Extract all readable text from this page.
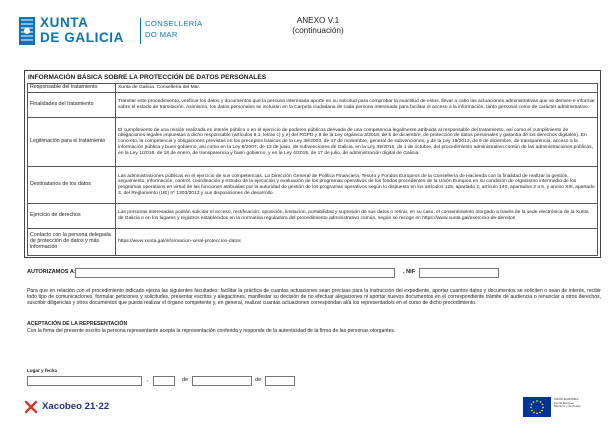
XUNTA
DE GALICIA
CONSELLERÍA
DO MAR
ANEXO V.1
(continuación)
INFORMACIÓN BÁSICA SOBRE LA PROTECCIÓN DE DATOS PERSONALES
Responsable del tratamiento	Xunta de Galicia. Consellería del Mar.
Finalidades del tratamiento	Tramitar este procedimiento, verificar los datos y documentos que la persona interesada aporte en su solicitud para comprobar la exactitud de estos, llevar a cabo las actuaciones administrativas que se deriven e informar sobre el estado de tramitación. Asimismo, los datos personales se incluirán en la Carpeta ciudadana de cada persona interesada para facilitar el acceso a la información, tanto personal como de carácter administrativo.
Legitimación para el tratamiento	El cumplimiento de una misión realizada en interés público o en el ejercicio de poderes públicos derivada de una competencia legalmente atribuida al responsable del tratamiento, así como el cumplimiento de obligaciones legales impuestas a dicho responsable (artículos 6.1, letras c) y e) del RGPD y 8 de la Ley orgánica 3/2018, de 5 de diciembre, de protección de datos personales y garantía de los derechos digitales). En concreto, la competencia y obligaciones previstas en los preceptos básicos de la Ley 38/2003, de 17 de noviembre, general de subvenciones, y de la Ley 19/2013, de 9 de diciembre, de transparencia, acceso a la información pública y buen gobierno, así como en la Ley 9/2007, de 13 de junio, de subvenciones de Galicia, en la Ley 39/2015, de 1 de octubre, del procedimiento administrativo común de las administraciones públicas, en la Ley 1/2016, de 18 de enero, de transparencia y buen gobierno, y en la Ley 4/2019, de 17 de julio, de administración digital de Galicia.
Destinatarios de los datos	Las administraciones públicas en el ejercicio de sus competencias. La Dirección General de Política Financiera, Tesoro y Fondos Europeos de la Consellería de Hacienda con la finalidad de realizar la gestión, seguimiento, información, control, coordinación y estudio de la ejecución y evaluación de los programas operativos de los fondos procedentes de la Unión Europea en su condición de organismo intermedio de los programas operativos en virtud de las funciones atribuidas por la autoridad de gestión de los programas operativos según lo dispuesto en los artículos 125, apartado 2, artículo 140, apartados 3 a 5, y anexo XIII, apartado 3, del Reglamento (UE) nº 1303/2013 y sus disposiciones de desarrollo.
Ejercicio de derechos	Las personas interesadas podrán solicitar el acceso, rectificación, oposición, limitación, portabilidad y supresión de sus datos o retirar, en su caso, el consentimiento otorgado a través de la sede electrónica de la Xunta de Galicia o en los lugares y registros establecidos en la normativa reguladora del procedimiento administrativo común, según se recoge en https://www.xunta.gal/exercicio-de-dereitos
Contacto con la persona delegada de protección de datos y más información	https://www.xunta.gal/informacion-xeral-proteccion-datos
AUTORIZAMOS A:	, NIF
Para que en relación con el procedimiento indicado ejerza las siguientes facultades: facilitar la práctica de cuantas actuaciones sean precisas para la instrucción del expediente, aportar cuantos datos y documentos se soliciten o sean de interés, recibir todo tipo de comunicaciones, formular peticiones y solicitudes, presentar escritos y alegaciones, manifestar su decisión de no efectuar alegaciones ni aportar nuevos documentos en el correspondiente trámite de audiencia o renunciar a otros derechos, suscribir diligencias y otros documentos que pueda realizar el órgano competente y, en general, realizar cuantas actuaciones correspondan al/a los representado/s en el curso de dicho procedimiento.
ACEPTACIÓN DE LA REPRESENTACIÓN
Con la firma del presente escrito la persona representante acepta la representación conferida y responde de la autenticidad de la firma de las personas otorgantes.
Lugar y fecha
,	de	de
Xacobeo 21·22
UNIÓN EUROPEA
Fondo Europeo
Marítimo y de Pesca
